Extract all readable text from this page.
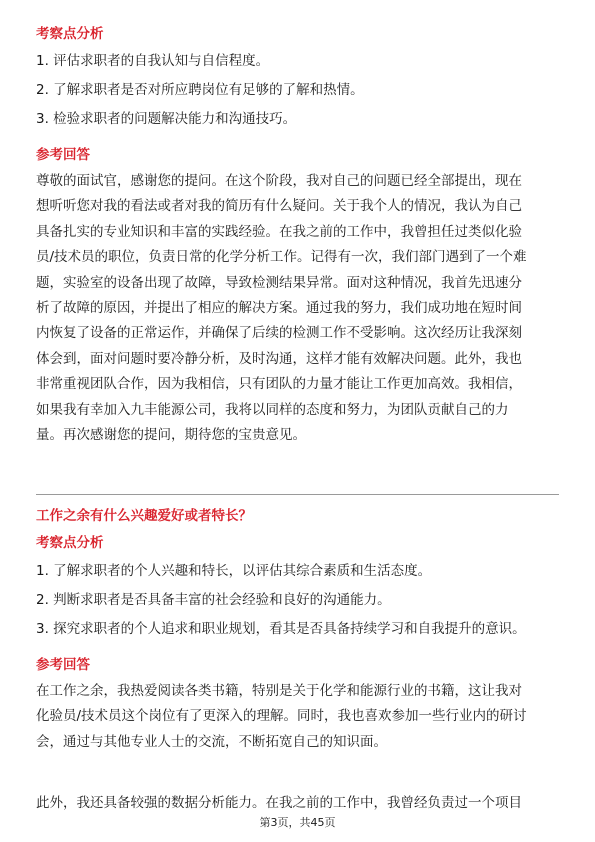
考察点分析

1. 评估求职者的自我认知与自信程度。

2. 了解求职者是否对所应聘岗位有足够的了解和热情。

3. 检验求职者的问题解决能力和沟通技巧。

参考回答

尊敬的面试官，感谢您的提问。在这个阶段，我对自己的问题已经全部提出，现在
想听听您对我的看法或者对我的简历有什么疑问。关于我个人的情况，我认为自己
具备扎实的专业知识和丰富的实践经验。在我之前的工作中，我曾担任过类似化验
员/技术员的职位，负责日常的化学分析工作。记得有一次，我们部门遇到了一个难
题，实验室的设备出现了故障，导致检测结果异常。面对这种情况，我首先迅速分
析了故障的原因，并提出了相应的解决方案。通过我的努力，我们成功地在短时间
内恢复了设备的正常运作，并确保了后续的检测工作不受影响。这次经历让我深刻
体会到，面对问题时要冷静分析，及时沟通，这样才能有效解决问题。此外，我也
非常重视团队合作，因为我相信，只有团队的力量才能让工作更加高效。我相信，
如果我有幸加入九丰能源公司，我将以同样的态度和努力，为团队贡献自己的力
量。再次感谢您的提问，期待您的宝贵意见。

工作之余有什么兴趣爱好或者特长？

考察点分析

1. 了解求职者的个人兴趣和特长，以评估其综合素质和生活态度。

2. 判断求职者是否具备丰富的社会经验和良好的沟通能力。

3. 探究求职者的个人追求和职业规划，看其是否具备持续学习和自我提升的意识。

参考回答

在工作之余，我热爱阅读各类书籍，特别是关于化学和能源行业的书籍，这让我对
化验员/技术员这个岗位有了更深入的理解。同时，我也喜欢参加一些行业内的研讨
会，通过与其他专业人士的交流，不断拓宽自己的知识面。
此外，我还具备较强的数据分析能力。在我之前的工作中，我曾经负责过一个项目
第3页，共45页
